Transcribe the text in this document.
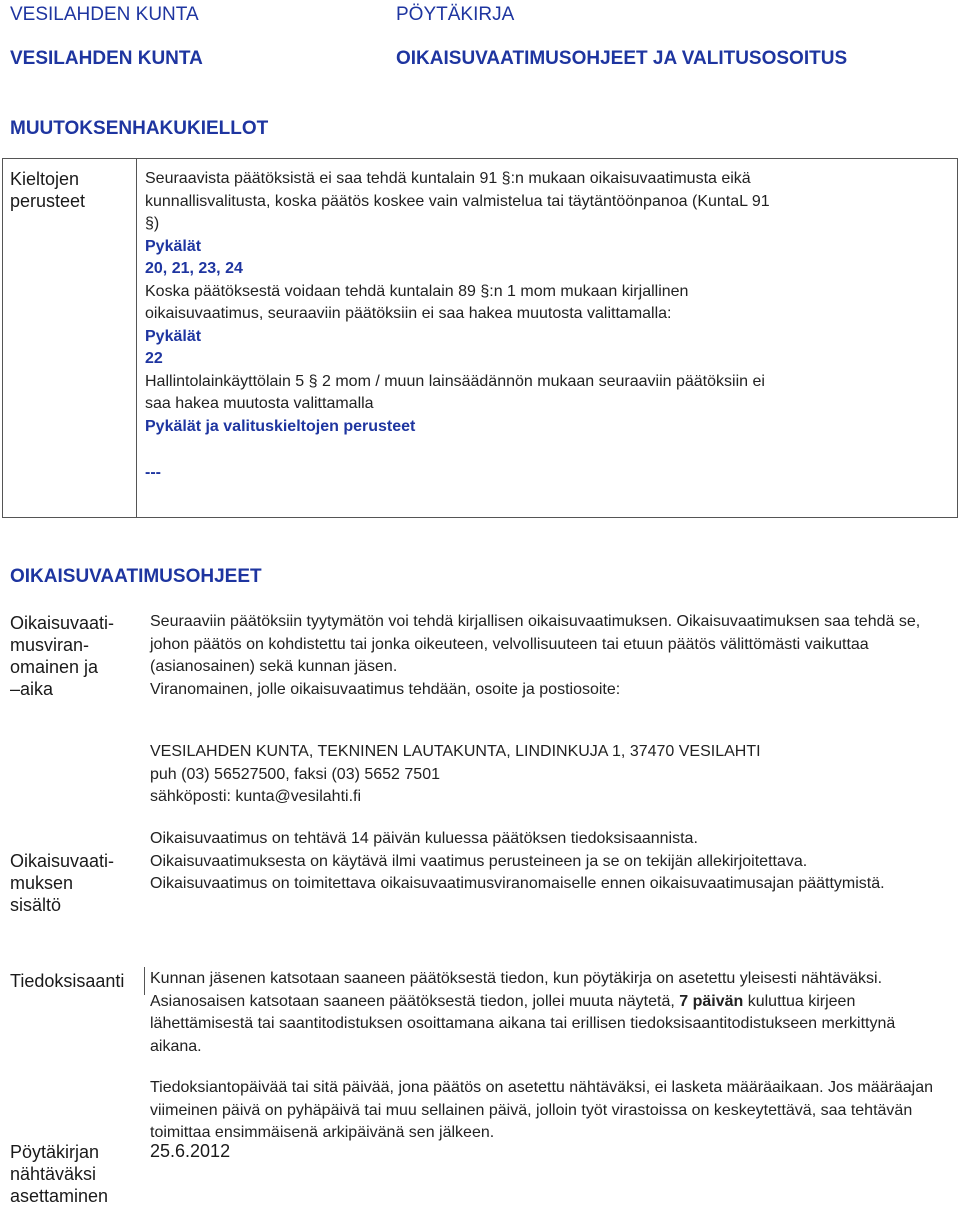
VESILAHDEN KUNTA	PÖYTÄKIRJA
VESILAHDEN KUNTA	OIKAISUVAATIMUSOHJEET JA VALITUSOSOITUS
MUUTOKSENHAKUKIELLOT
Kieltojen perusteet

Seuraavista päätöksistä ei saa tehdä kuntalain 91 §:n mukaan oikaisuvaatimusta eikä

kunnallisvalitusta, koska päätös koskee vain valmistelua tai täytäntöönpanoa (KuntaL 91

§)

Pykälät

20, 21, 23, 24

Koska päätöksestä voidaan tehdä kuntalain 89 §:n 1 mom mukaan kirjallinen

oikaisuvaatimus, seuraaviin päätöksiin ei saa hakea muutosta valittamalla:

Pykälät

22

Hallintolainkäyttölain 5 § 2 mom / muun lainsäädännön mukaan seuraaviin päätöksiin ei

saa hakea muutosta valittamalla

Pykälät ja valituskieltojen perusteet

---

OIKAISUVAATIMUSOHJEET
Oikaisuvaati-
musviran-
omainen ja
–aika

Seuraaviin päätöksiin tyytymätön voi tehdä kirjallisen oikaisuvaatimuksen. Oikaisuvaatimuksen saa tehdä se, johon päätös on kohdistettu tai jonka oikeuteen, velvollisuuteen tai etuun päätös välittömästi vaikuttaa (asianosainen) sekä kunnan jäsen.

Viranomainen, jolle oikaisuvaatimus tehdään, osoite ja postiosoite:

VESILAHDEN KUNTA, TEKNINEN LAUTAKUNTA, LINDINKUJA 1, 37470 VESILAHTI

puh (03) 56527500, faksi (03) 5652 7501

sähköposti: kunta@vesilahti.fi

Oikaisuvaatimus on tehtävä 14 päivän kuluessa päätöksen tiedoksisaannista.

Oikaisuvaatimuksesta on käytävä ilmi vaatimus perusteineen ja se on tekijän allekirjoitettava.

Oikaisuvaatimus on toimitettava oikaisuvaatimusviranomaiselle ennen oikaisuvaatimusajan päättymistä.

Oikaisuvaati-
muksen
sisältö
Tiedoksisaanti Kunnan jäsenen katsotaan saaneen päätöksestä tiedon, kun pöytäkirja on asetettu yleisesti nähtäväksi. Asianosaisen katsotaan saaneen päätöksestä tiedon, jollei muuta näytetä, 7 päivän kuluttua kirjeen lähettämisestä tai saantitodistuksen osoittamana aikana tai erillisen tiedoksisaantitodistukseen merkittynä aikana.

Tiedoksiantopäivää tai sitä päivää, jona päätös on asetettu nähtäväksi, ei lasketa määräaikaan. Jos määräajan viimeinen päivä on pyhäpäivä tai muu sellainen päivä, jolloin työt virastoissa on keskeytettävä, saa tehtävän toimittaa ensimmäisenä arkipäivänä sen jälkeen.

Pöytäkirjan
nähtäväksi
asettaminen
25.6.2012
